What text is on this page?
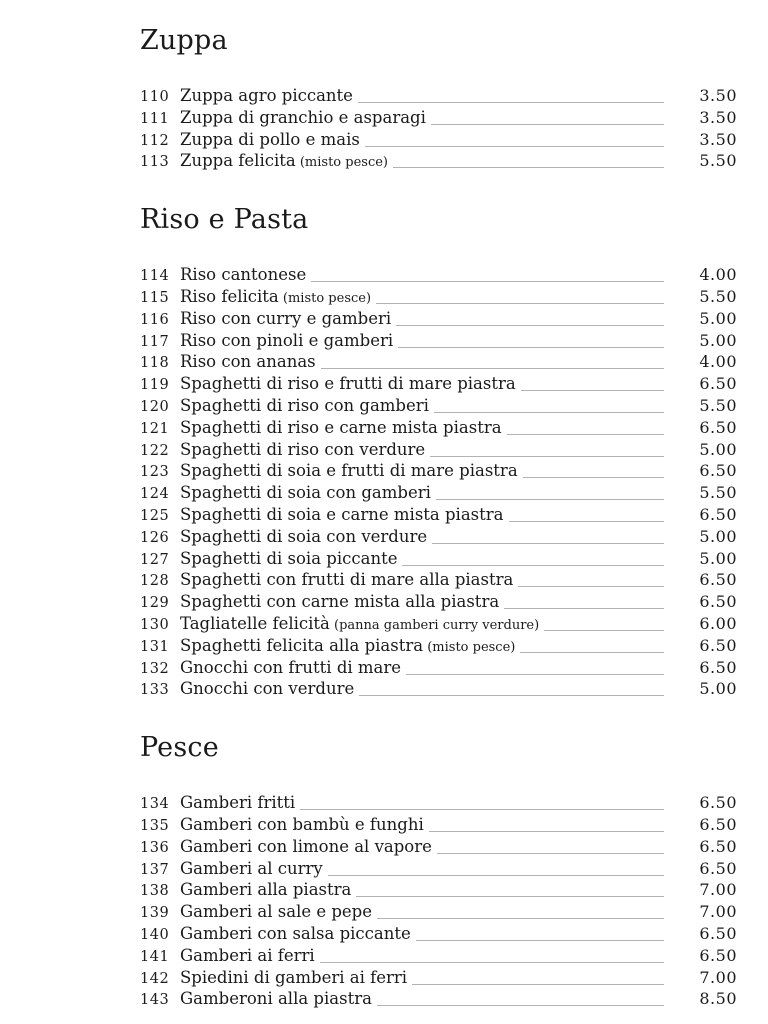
Zuppa
110 Zuppa agro piccante	3.50
111 Zuppa di granchio e asparagi	3.50
112 Zuppa di pollo e mais	3.50
113 Zuppa felicita (misto pesce)	5.50
Riso e Pasta
114 Riso cantonese	4.00
115 Riso felicita (misto pesce)	5.50
116 Riso con curry e gamberi	5.00
117 Riso con pinoli e gamberi	5.00
118 Riso con ananas	4.00
119 Spaghetti di riso e frutti di mare piastra	6.50
120 Spaghetti di riso con gamberi	5.50
121 Spaghetti di riso e carne mista piastra	6.50
122 Spaghetti di riso con verdure	5.00
123 Spaghetti di soia e frutti di mare piastra	6.50
124 Spaghetti di soia con gamberi	5.50
125 Spaghetti di soia e carne mista piastra	6.50
126 Spaghetti di soia con verdure	5.00
127 Spaghetti di soia piccante	5.00
128 Spaghetti con frutti di mare alla piastra	6.50
129 Spaghetti con carne mista alla piastra	6.50
130 Tagliatelle felicità (panna gamberi curry verdure)	6.00
131 Spaghetti felicita alla piastra (misto pesce)	6.50
132 Gnocchi con frutti di mare	6.50
133 Gnocchi con verdure	5.00
Pesce
134 Gamberi fritti	6.50
135 Gamberi con bambù e funghi	6.50
136 Gamberi con limone al vapore	6.50
137 Gamberi al curry	6.50
138 Gamberi alla piastra	7.00
139 Gamberi al sale e pepe	7.00
140 Gamberi con salsa piccante	6.50
141 Gamberi ai ferri	6.50
142 Spiedini di gamberi ai ferri	7.00
143 Gamberoni alla piastra	8.50
